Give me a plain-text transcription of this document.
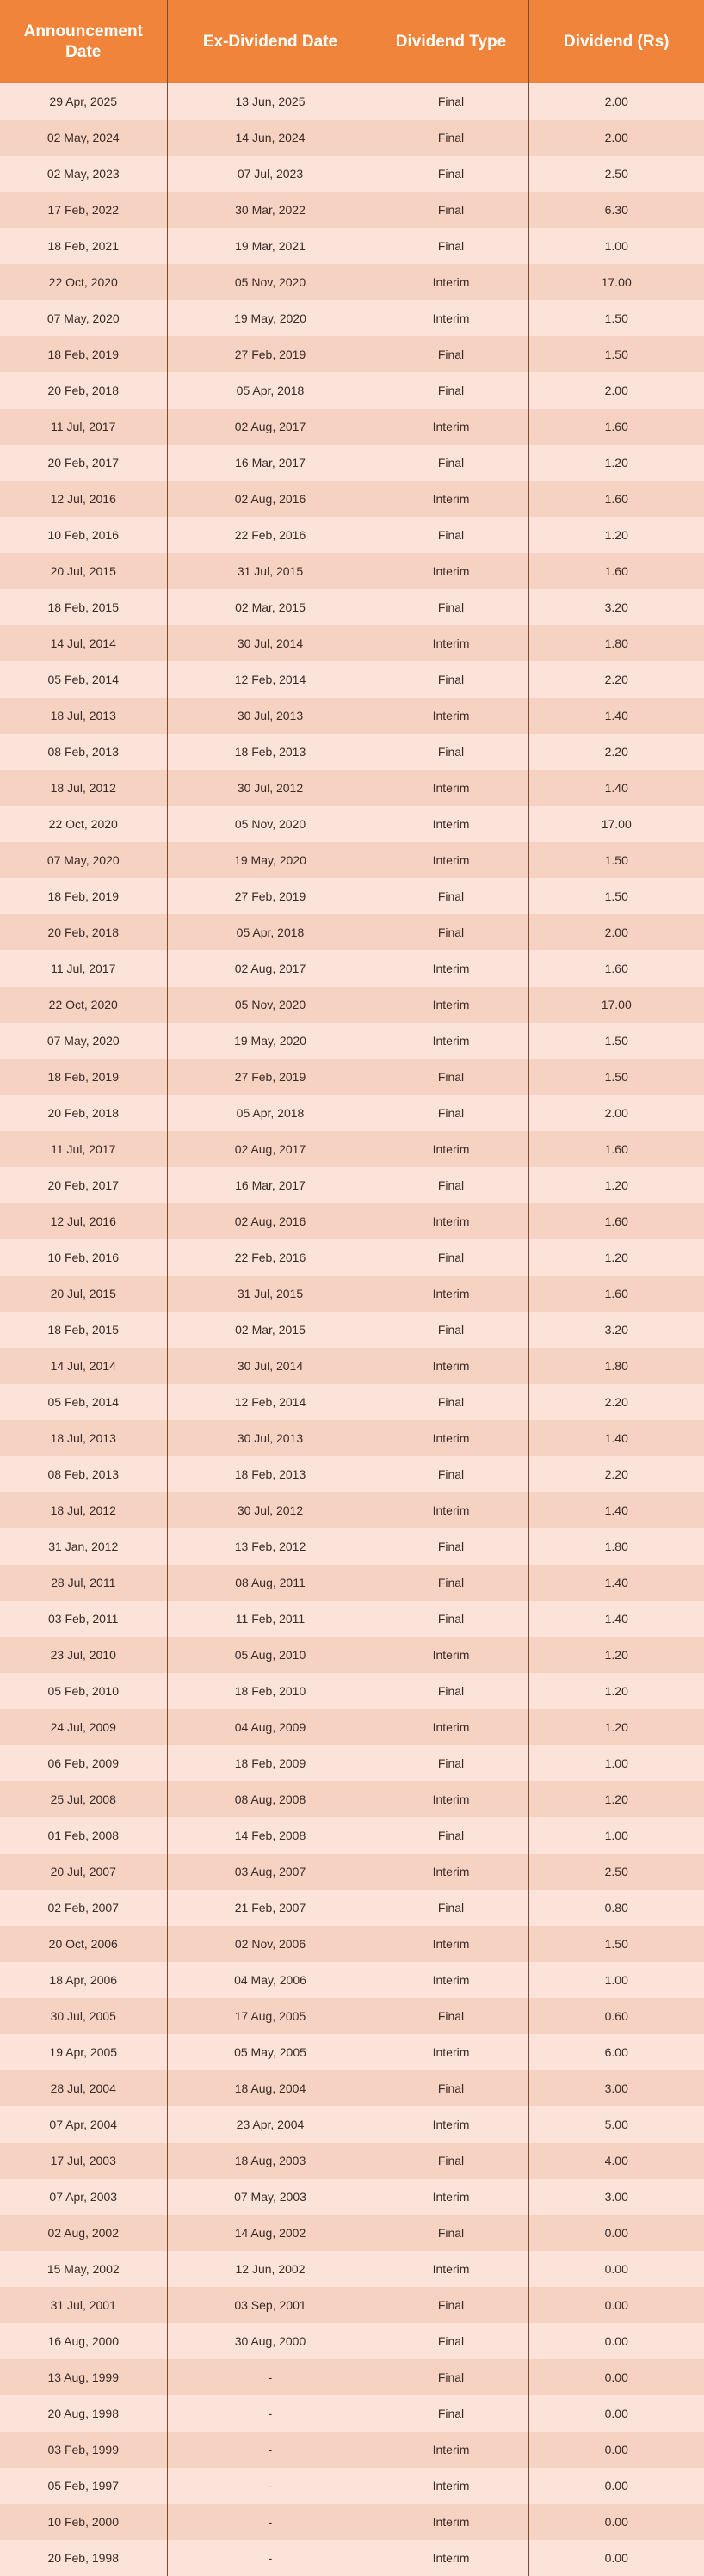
Announcement Date	Ex-Dividend Date	Dividend Type	Dividend (Rs)
29 Apr, 2025	13 Jun, 2025	Final	2.00
02 May, 2024	14 Jun, 2024	Final	2.00
02 May, 2023	07 Jul, 2023	Final	2.50
17 Feb, 2022	30 Mar, 2022	Final	6.30
18 Feb, 2021	19 Mar, 2021	Final	1.00
22 Oct, 2020	05 Nov, 2020	Interim	17.00
07 May, 2020	19 May, 2020	Interim	1.50
18 Feb, 2019	27 Feb, 2019	Final	1.50
20 Feb, 2018	05 Apr, 2018	Final	2.00
11 Jul, 2017	02 Aug, 2017	Interim	1.60
20 Feb, 2017	16 Mar, 2017	Final	1.20
12 Jul, 2016	02 Aug, 2016	Interim	1.60
10 Feb, 2016	22 Feb, 2016	Final	1.20
20 Jul, 2015	31 Jul, 2015	Interim	1.60
18 Feb, 2015	02 Mar, 2015	Final	3.20
14 Jul, 2014	30 Jul, 2014	Interim	1.80
05 Feb, 2014	12 Feb, 2014	Final	2.20
18 Jul, 2013	30 Jul, 2013	Interim	1.40
08 Feb, 2013	18 Feb, 2013	Final	2.20
18 Jul, 2012	30 Jul, 2012	Interim	1.40
22 Oct, 2020	05 Nov, 2020	Interim	17.00
07 May, 2020	19 May, 2020	Interim	1.50
18 Feb, 2019	27 Feb, 2019	Final	1.50
20 Feb, 2018	05 Apr, 2018	Final	2.00
11 Jul, 2017	02 Aug, 2017	Interim	1.60
22 Oct, 2020	05 Nov, 2020	Interim	17.00
07 May, 2020	19 May, 2020	Interim	1.50
18 Feb, 2019	27 Feb, 2019	Final	1.50
20 Feb, 2018	05 Apr, 2018	Final	2.00
11 Jul, 2017	02 Aug, 2017	Interim	1.60
20 Feb, 2017	16 Mar, 2017	Final	1.20
12 Jul, 2016	02 Aug, 2016	Interim	1.60
10 Feb, 2016	22 Feb, 2016	Final	1.20
20 Jul, 2015	31 Jul, 2015	Interim	1.60
18 Feb, 2015	02 Mar, 2015	Final	3.20
14 Jul, 2014	30 Jul, 2014	Interim	1.80
05 Feb, 2014	12 Feb, 2014	Final	2.20
18 Jul, 2013	30 Jul, 2013	Interim	1.40
08 Feb, 2013	18 Feb, 2013	Final	2.20
18 Jul, 2012	30 Jul, 2012	Interim	1.40
31 Jan, 2012	13 Feb, 2012	Final	1.80
28 Jul, 2011	08 Aug, 2011	Final	1.40
03 Feb, 2011	11 Feb, 2011	Final	1.40
23 Jul, 2010	05 Aug, 2010	Interim	1.20
05 Feb, 2010	18 Feb, 2010	Final	1.20
24 Jul, 2009	04 Aug, 2009	Interim	1.20
06 Feb, 2009	18 Feb, 2009	Final	1.00
25 Jul, 2008	08 Aug, 2008	Interim	1.20
01 Feb, 2008	14 Feb, 2008	Final	1.00
20 Jul, 2007	03 Aug, 2007	Interim	2.50
02 Feb, 2007	21 Feb, 2007	Final	0.80
20 Oct, 2006	02 Nov, 2006	Interim	1.50
18 Apr, 2006	04 May, 2006	Interim	1.00
30 Jul, 2005	17 Aug, 2005	Final	0.60
19 Apr, 2005	05 May, 2005	Interim	6.00
28 Jul, 2004	18 Aug, 2004	Final	3.00
07 Apr, 2004	23 Apr, 2004	Interim	5.00
17 Jul, 2003	18 Aug, 2003	Final	4.00
07 Apr, 2003	07 May, 2003	Interim	3.00
02 Aug, 2002	14 Aug, 2002	Final	0.00
15 May, 2002	12 Jun, 2002	Interim	0.00
31 Jul, 2001	03 Sep, 2001	Final	0.00
16 Aug, 2000	30 Aug, 2000	Final	0.00
13 Aug, 1999	-	Final	0.00
20 Aug, 1998	-	Final	0.00
03 Feb, 1999	-	Interim	0.00
05 Feb, 1997	-	Interim	0.00
10 Feb, 2000	-	Interim	0.00
20 Feb, 1998	-	Interim	0.00
